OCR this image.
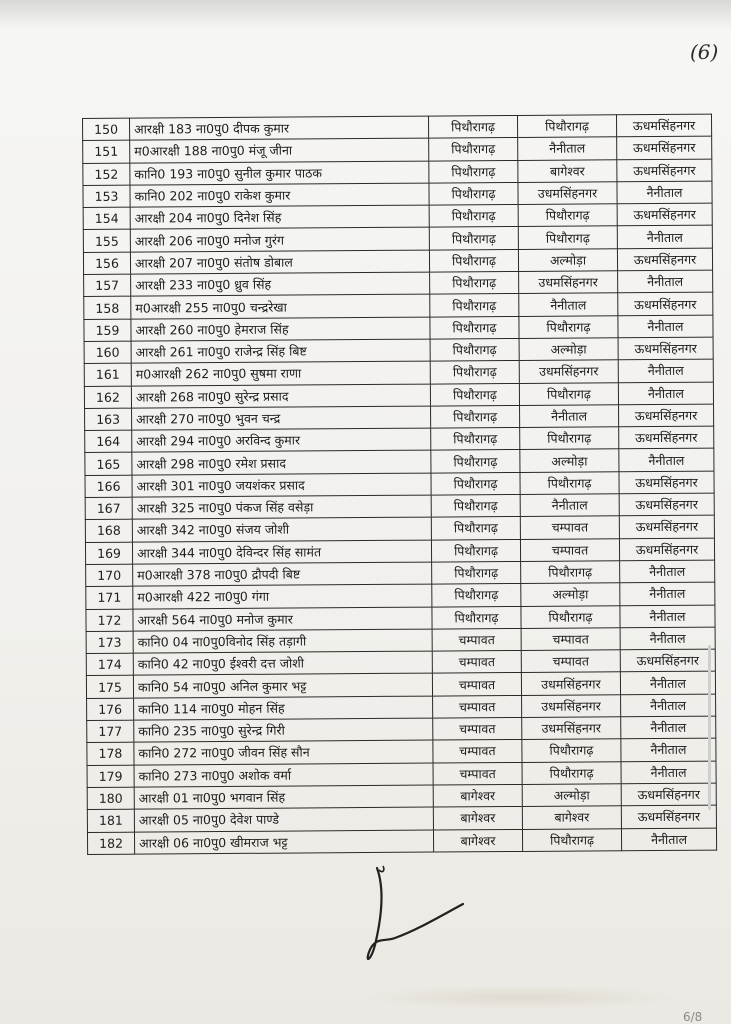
(6)
150	आरक्षी 183 ना0पु0 दीपक कुमार	पिथौरागढ़	पिथौरागढ़	ऊधमसिंहनगर
151	म0आरक्षी 188 ना0पु0 मंजू जीना	पिथौरागढ़	नैनीताल	ऊधमसिंहनगर
152	कानि0 193 ना0पु0 सुनील कुमार पाठक	पिथौरागढ़	बागेश्वर	ऊधमसिंहनगर
153	कानि0 202 ना0पु0 राकेश कुमार	पिथौरागढ़	उधमसिंहनगर	नैनीताल
154	आरक्षी 204 ना0पु0 दिनेश सिंह	पिथौरागढ़	पिथौरागढ़	ऊधमसिंहनगर
155	आरक्षी 206 ना0पु0 मनोज गुरंग	पिथौरागढ़	पिथौरागढ़	नैनीताल
156	आरक्षी 207 ना0पु0 संतोष डोबाल	पिथौरागढ़	अल्मोड़ा	ऊधमसिंहनगर
157	आरक्षी 233 ना0पु0 ध्रुव सिंह	पिथौरागढ़	उधमसिंहनगर	नैनीताल
158	म0आरक्षी 255 ना0पु0 चन्द्ररेखा	पिथौरागढ़	नैनीताल	ऊधमसिंहनगर
159	आरक्षी 260 ना0पु0 हेमराज सिंह	पिथौरागढ़	पिथौरागढ़	नैनीताल
160	आरक्षी 261 ना0पु0 राजेन्द्र सिंह बिष्ट	पिथौरागढ़	अल्मोड़ा	ऊधमसिंहनगर
161	म0आरक्षी 262 ना0पु0 सुषमा राणा	पिथौरागढ़	उधमसिंहनगर	नैनीताल
162	आरक्षी 268 ना0पु0 सुरेन्द्र प्रसाद	पिथौरागढ़	पिथौरागढ़	नैनीताल
163	आरक्षी 270 ना0पु0 भुवन चन्द्र	पिथौरागढ़	नैनीताल	ऊधमसिंहनगर
164	आरक्षी 294 ना0पु0 अरविन्द कुमार	पिथौरागढ़	पिथौरागढ़	ऊधमसिंहनगर
165	आरक्षी 298 ना0पु0 रमेश प्रसाद	पिथौरागढ़	अल्मोड़ा	नैनीताल
166	आरक्षी 301 ना0पु0 जयशंकर प्रसाद	पिथौरागढ़	पिथौरागढ़	ऊधमसिंहनगर
167	आरक्षी 325 ना0पु0 पंकज सिंह वसेड़ा	पिथौरागढ़	नैनीताल	ऊधमसिंहनगर
168	आरक्षी 342 ना0पु0 संजय जोशी	पिथौरागढ़	चम्पावत	ऊधमसिंहनगर
169	आरक्षी 344 ना0पु0 देविन्दर सिंह सामंत	पिथौरागढ़	चम्पावत	ऊधमसिंहनगर
170	म0आरक्षी 378 ना0पु0 द्रौपदी बिष्ट	पिथौरागढ़	पिथौरागढ़	नैनीताल
171	म0आरक्षी 422 ना0पु0 गंगा	पिथौरागढ़	अल्मोड़ा	नैनीताल
172	आरक्षी 564 ना0पु0 मनोज कुमार	पिथौरागढ़	पिथौरागढ़	नैनीताल
173	कानि0 04 ना0पु0विनोद सिंह तड़ागी	चम्पावत	चम्पावत	नैनीताल
174	कानि0 42 ना0पु0 ईश्वरी दत्त जोशी	चम्पावत	चम्पावत	ऊधमसिंहनगर
175	कानि0 54 ना0पु0 अनिल कुमार भट्ट	चम्पावत	उधमसिंहनगर	नैनीताल
176	कानि0 114 ना0पु0 मोहन सिंह	चम्पावत	उधमसिंहनगर	नैनीताल
177	कानि0 235 ना0पु0 सुरेन्द्र गिरी	चम्पावत	उधमसिंहनगर	नैनीताल
178	कानि0 272 ना0पु0 जीवन सिंह सौन	चम्पावत	पिथौरागढ़	नैनीताल
179	कानि0 273 ना0पु0 अशोक वर्मा	चम्पावत	पिथौरागढ़	नैनीताल
180	आरक्षी 01 ना0पु0 भगवान सिंह	बागेश्वर	अल्मोड़ा	ऊधमसिंहनगर
181	आरक्षी 05 ना0पु0 देवेश पाण्डे	बागेश्वर	बागेश्वर	ऊधमसिंहनगर
182	आरक्षी 06 ना0पु0 खीमराज भट्ट	बागेश्वर	पिथौरागढ़	नैनीताल
6/8
